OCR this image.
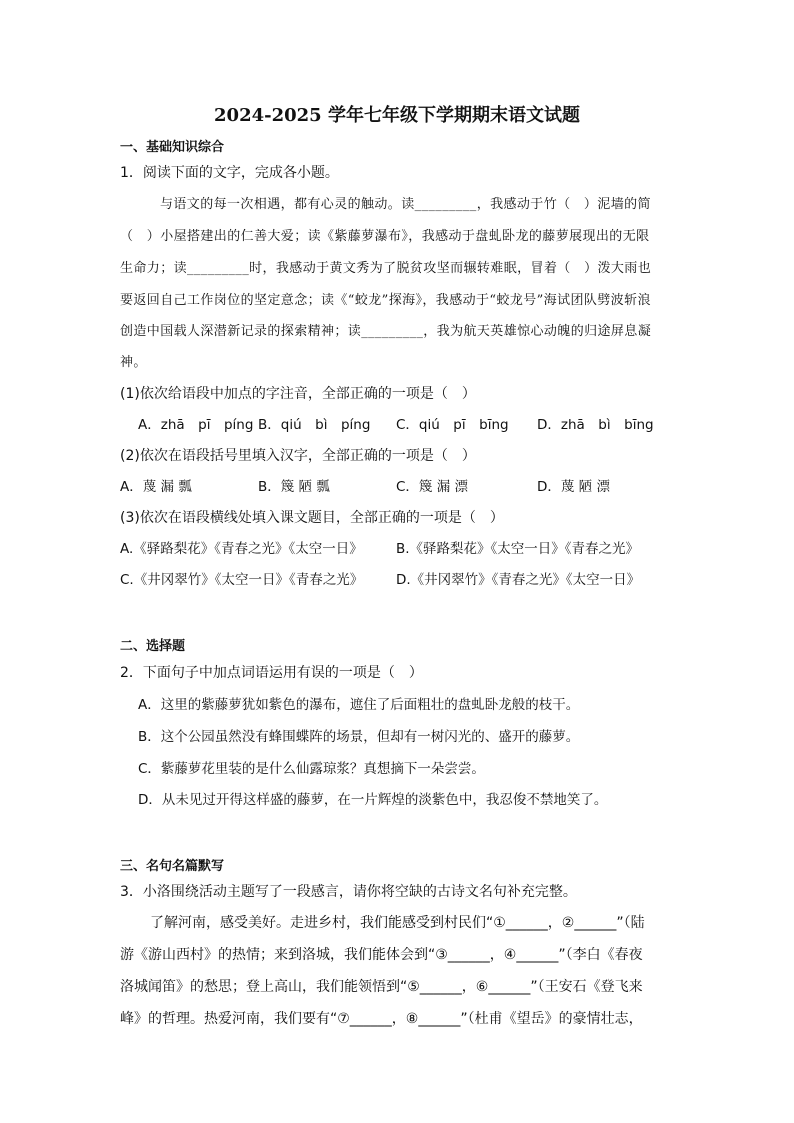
2024-2025 学年七年级下学期期末语文试题
一、基础知识综合
1．阅读下面的文字，完成各小题。
与语文的每一次相遇，都有心灵的触动。读_________，我感动于竹（　）泥墙的简
（　）小屋搭建出的仁善大爱；读《紫藤萝瀑布》，我感动于盘虬卧龙的藤萝展现出的无限
生命力；读_________时，我感动于黄文秀为了脱贫攻坚而辗转难眠，冒着（　）泼大雨也
要返回自己工作岗位的坚定意念；读《“蛟龙”探海》，我感动于“蛟龙号”海试团队劈波斩浪
创造中国载人深潜新记录的探索精神；读_________，我为航天英雄惊心动魄的归途屏息凝
神。
(1)依次给语段中加点的字注音，全部正确的一项是（　）
A．zhā　pī　píng B．qiú　bì　píng C．qiú　pī　bīng D．zhā　bì　bīng
(2)依次在语段括号里填入汉字，全部正确的一项是（　）
A．蔑 漏 瓢	B．篾 陋 瓢	C．篾 漏 漂	D．蔑 陋 漂
(3)依次在语段横线处填入课文题目，全部正确的一项是（　）
A.《驿路梨花》《青春之光》《太空一日》 B.《驿路梨花》《太空一日》《青春之光》
C.《井冈翠竹》《太空一日》《青春之光》 D.《井冈翠竹》《青春之光》《太空一日》
二、选择题
2．下面句子中加点词语运用有误的一项是（　）
A．这里的紫藤萝犹如紫色的瀑布，遮住了后面粗壮的盘虬卧龙般的枝干。
B．这个公园虽然没有蜂围蝶阵的场景，但却有一树闪光的、盛开的藤萝。
C．紫藤萝花里装的是什么仙露琼浆？真想摘下一朵尝尝。
D．从未见过开得这样盛的藤萝，在一片辉煌的淡紫色中，我忍俊不禁地笑了。
三、名句名篇默写
3．小洛围绕活动主题写了一段感言，请你将空缺的古诗文名句补充完整。
了解河南，感受美好。走进乡村，我们能感受到村民们“①______，②______”（陆
游《游山西村》的热情；来到洛城，我们能体会到“③______，④______”（李白《春夜
洛城闻笛》的愁思；登上高山，我们能领悟到“⑤______，⑥______”（王安石《登飞来
峰》的哲理。热爱河南，我们要有“⑦______，⑧______”（杜甫《望岳》的豪情壮志，
